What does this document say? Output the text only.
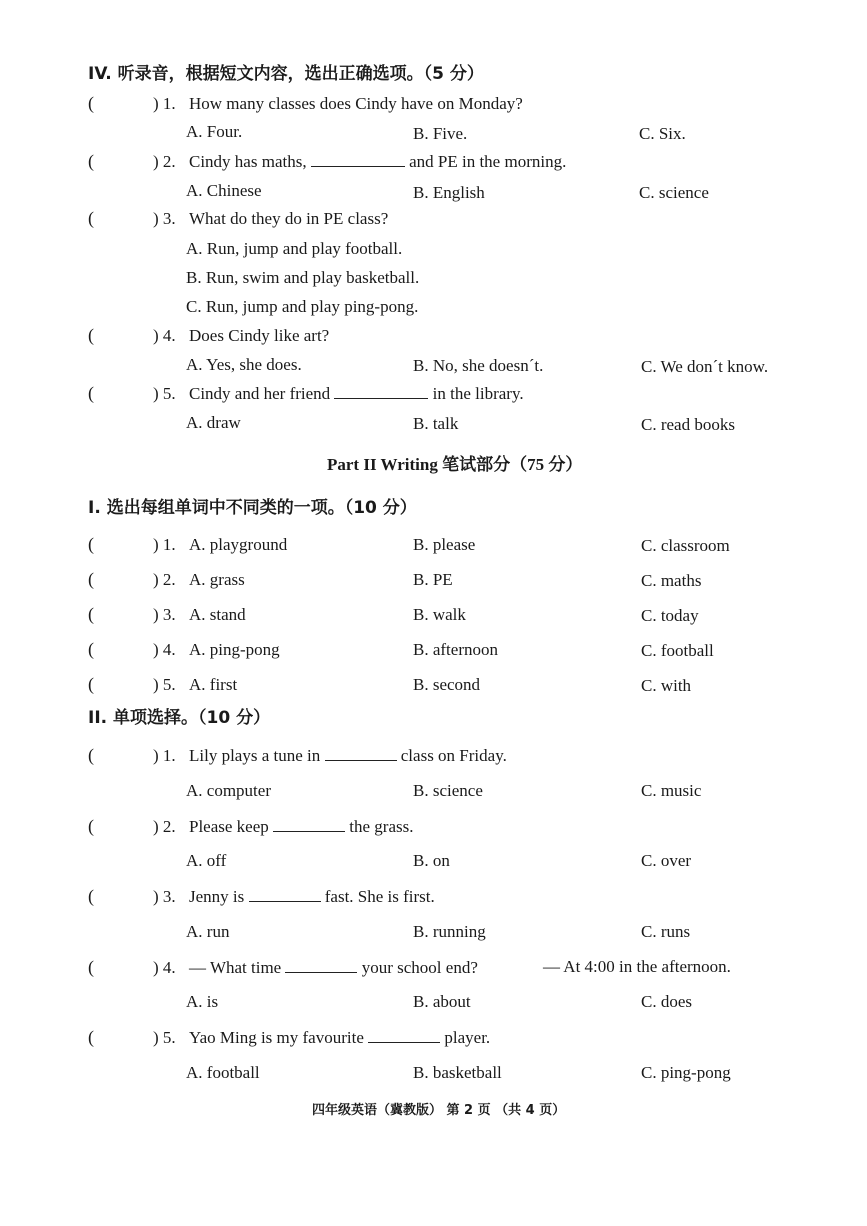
IV. 听录音，根据短文内容，选出正确选项。（5 分）
(	) 1. How many classes does Cindy have on Monday?
A. Four.	B. Five.	C. Six.
(	) 2. Cindy has maths,	and PE in the morning.
A. Chinese	B. English	C. science
(	) 3. What do they do in PE class?
A. Run, jump and play football.
B. Run, swim and play basketball.
C. Run, jump and play ping-pong.
(	) 4. Does Cindy like art?
A. Yes, she does.	B. No, she doesn´t.	C. We don´t know.
(	) 5. Cindy and her friend	in the library.
A. draw	B. talk	C. read books
Part II Writing 笔试部分（75 分）
I. 选出每组单词中不同类的一项。（10 分）
(	) 1. A. playground	B. please	C. classroom
(	) 2. A. grass	B. PE	C. maths
(	) 3. A. stand	B. walk	C. today
(	) 4. A. ping-pong	B. afternoon	C. football
(	) 5. A. first	B. second	C. with
II. 单项选择。（10 分）
(	) 1. Lily plays a tune in	class on Friday.
A. computer	B. science	C. music
(	) 2. Please keep	the grass.
A. off	B. on	C. over
(	) 3. Jenny is	fast. She is first.
A. run	B. running	C. runs
(	) 4. — What time	your school end?	— At 4:00 in the afternoon.
A. is	B. about	C. does
(	) 5. Yao Ming is my favourite	player.
A. football	B. basketball	C. ping-pong
四年级英语（冀教版） 第 2 页 （共 4 页）
